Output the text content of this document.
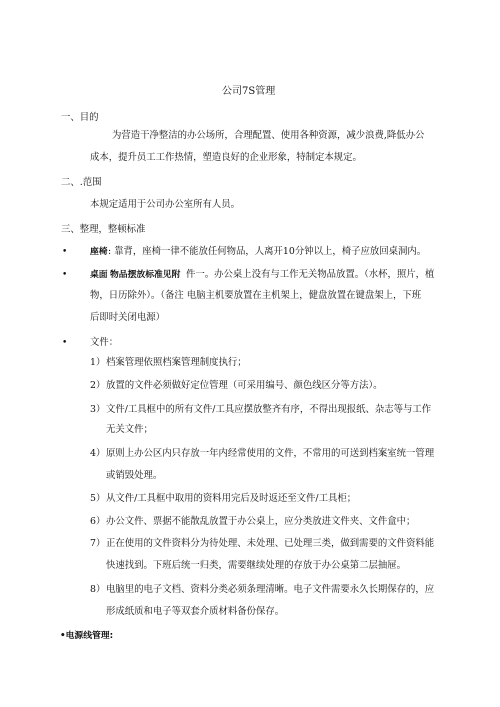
公司7S管理
一、目的
为营造干净整洁的办公场所，合理配置、使用各种资源，减少浪费,降低办公
成本，提升员工工作热情，塑造良好的企业形象，特制定本规定。
二、.范围
本规定适用于公司办公室所有人员。
三、整理，整顿标准
•	座椅 : 靠背，座椅一律不能放任何物品，人离开10分钟以上，椅子应放回桌洞内。
•	桌面 物品摆放标准见附 件一。办公桌上没有与工作无关物品放置。（水杯，照片，植
物，日历除外）。（备注 电脑主机要放置在主机架上，健盘放置在键盘架上，下班
后即时关闭电源）
• 文件：
1） 档案管理依照档案管理制度执行；
2） 放置的文件必须做好定位管理（可采用编号、颜色线区分等方法）。
3） 文件/工具框中的所有文件/工具应摆放整齐有序，不得出现报纸、杂志等与工作
无关文件；
4） 原则上办公区内只存放一年内经常使用的文件，不常用的可送到档案室统一管理
或销毁处理。
5） 从文件/工具框中取用的资料用完后及时返还至文件/工具柜；
6） 办公文件、票据不能散乱放置于办公桌上，应分类放进文件夹、文件盒中；
7） 正在使用的文件资料分为待处理、未处理、已处理三类，做到需要的文件资料能
快速找到。下班后统一归类，需要继续处理的存放于办公桌第二层抽屉。
8） 电脑里的电子文档、资料分类必须条理清晰。电子文件需要永久长期保存的，应
形成纸质和电子等双套介质材料备份保存。
•电源线管理:
